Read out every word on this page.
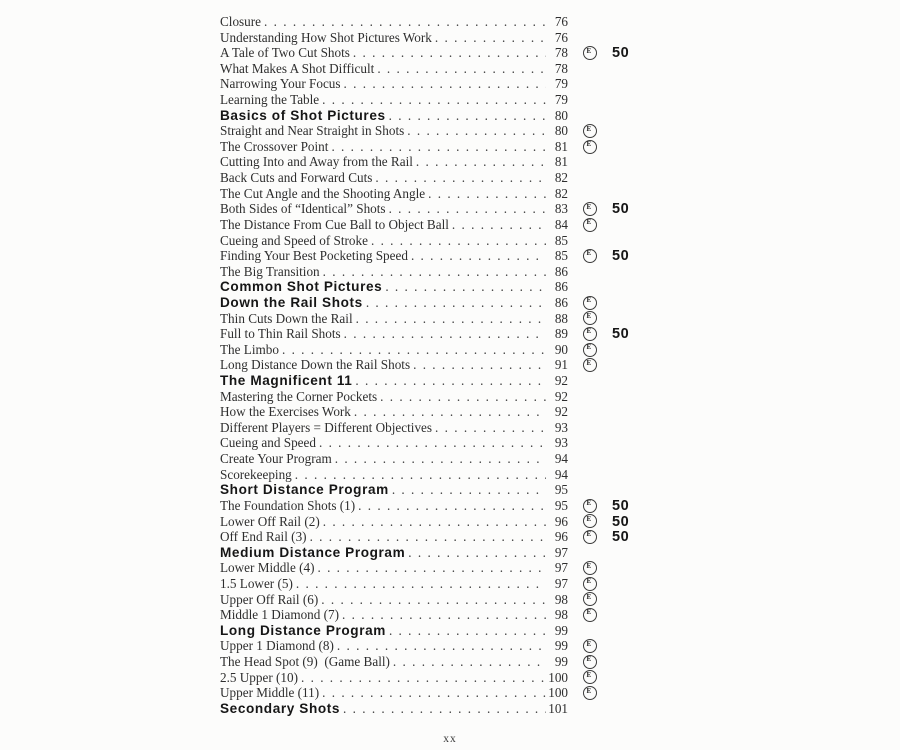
Closure . . .	76
Understanding How Shot Pictures Work . . .	76
A Tale of Two Cut Shots . . .	78	E 50
What Makes A Shot Difficult . . .	78
Narrowing Your Focus . . .	79
Learning the Table . . .	79
Basics of Shot Pictures . . .	80
Straight and Near Straight in Shots . . .	80	E
The Crossover Point . . .	81	E
Cutting Into and Away from the Rail . . .	81
Back Cuts and Forward Cuts . . .	82
The Cut Angle and the Shooting Angle . . .	82
Both Sides of “Identical” Shots . . .	83	E 50
The Distance From Cue Ball to Object Ball . . .	84	E
Cueing and Speed of Stroke . . .	85
Finding Your Best Pocketing Speed . . .	85	E 50
The Big Transition . . .	86
Common Shot Pictures . . .	86
Down the Rail Shots . . .	86	E
Thin Cuts Down the Rail . . .	88	E
Full to Thin Rail Shots . . .	89	E 50
The Limbo . . .	90	E
Long Distance Down the Rail Shots . . .	91	E
The Magnificent 11 . . .	92
Mastering the Corner Pockets . . .	92
How the Exercises Work . . .	92
Different Players = Different Objectives . . .	93
Cueing and Speed . . .	93
Create Your Program . . .	94
Scorekeeping . . .	94
Short Distance Program . . .	95
The Foundation Shots (1) . . .	95	E 50
Lower Off Rail (2) . . .	96	E 50
Off End Rail (3) . . .	96	E 50
Medium Distance Program . . .	97
Lower Middle (4) . . .	97	E
1.5 Lower (5) . . .	97	E
Upper Off Rail (6) . . .	98	E
Middle 1 Diamond (7) . . .	98	E
Long Distance Program . . .	99
Upper 1 Diamond (8) . . .	99	E
The Head Spot (9)  (Game Ball) . . .	99	E
2.5 Upper (10) . . .	100	E
Upper Middle (11) . . .	100	E
Secondary Shots . . .	101
xx
